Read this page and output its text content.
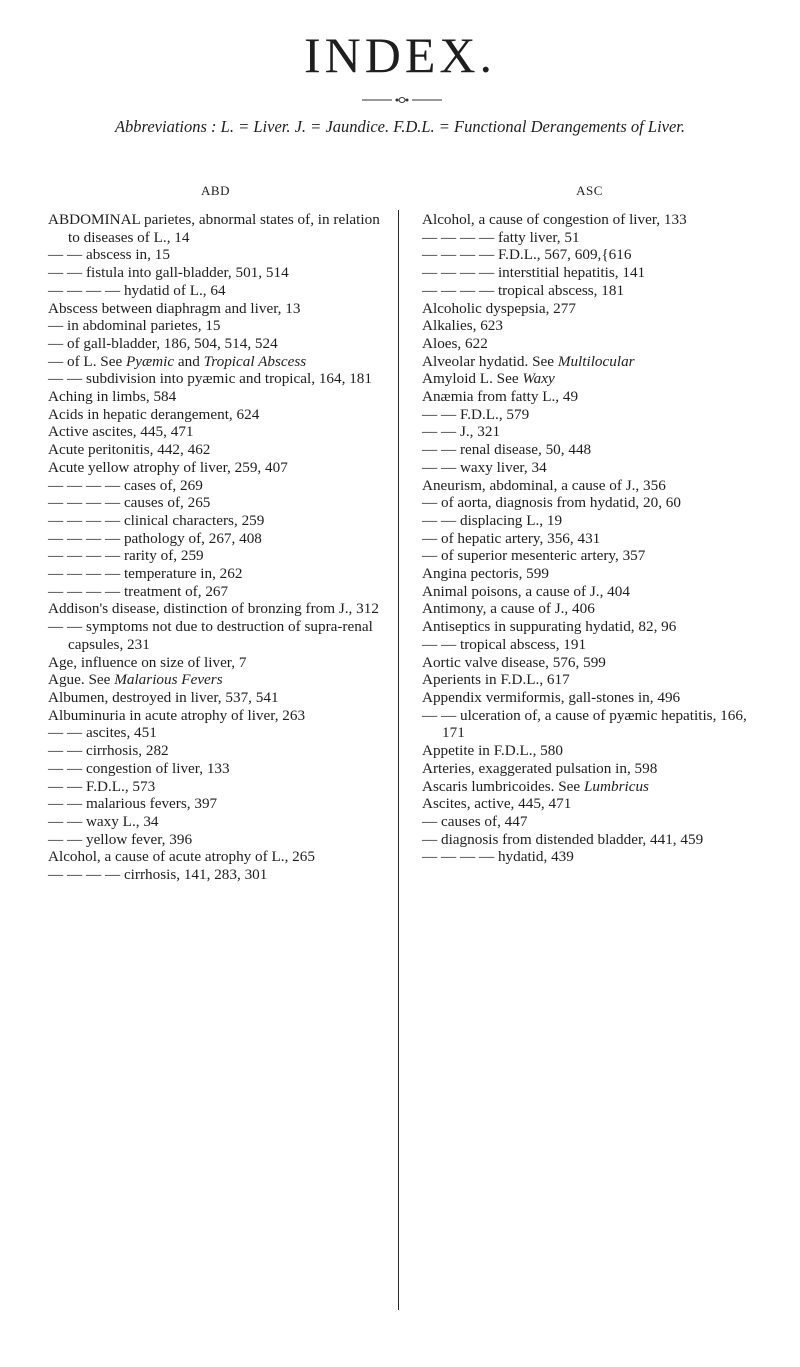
INDEX.
Abbreviations : L. = Liver. J. = Jaundice. F.D.L. = Functional Derangements of Liver.
ABD

ABDOMINAL parietes, abnormal states of, in relation to diseases of L., 14

— — abscess in, 15

— — fistula into gall-bladder, 501, 514

— — — — hydatid of L., 64

Abscess between diaphragm and liver, 13

— in abdominal parietes, 15

— of gall-bladder, 186, 504, 514, 524

— of L. See Pyæmic and Tropical Abscess

— — subdivision into pyæmic and tropical, 164, 181

Aching in limbs, 584

Acids in hepatic derangement, 624

Active ascites, 445, 471

Acute peritonitis, 442, 462

Acute yellow atrophy of liver, 259, 407

— — — — cases of, 269

— — — — causes of, 265

— — — — clinical characters, 259

— — — — pathology of, 267, 408

— — — — rarity of, 259

— — — — temperature in, 262

— — — — treatment of, 267

Addison's disease, distinction of bronzing from J., 312

— — symptoms not due to destruction of supra-renal capsules, 231

Age, influence on size of liver, 7

Ague. See Malarious Fevers

Albumen, destroyed in liver, 537, 541

Albuminuria in acute atrophy of liver, 263

— — ascites, 451

— — cirrhosis, 282

— — congestion of liver, 133

— — F.D.L., 573

— — malarious fevers, 397

— — waxy L., 34

— — yellow fever, 396

Alcohol, a cause of acute atrophy of L., 265

— — — — cirrhosis, 141, 283, 301

ASC

Alcohol, a cause of congestion of liver, 133

— — — — fatty liver, 51

— — — — F.D.L., 567, 609,{616

— — — — interstitial hepatitis, 141

— — — — tropical abscess, 181

Alcoholic dyspepsia, 277

Alkalies, 623

Aloes, 622

Alveolar hydatid. See Multilocular

Amyloid L. See Waxy

Anæmia from fatty L., 49

— — F.D.L., 579

— — J., 321

— — renal disease, 50, 448

— — waxy liver, 34

Aneurism, abdominal, a cause of J., 356

— of aorta, diagnosis from hydatid, 20, 60

— — displacing L., 19

— of hepatic artery, 356, 431

— of superior mesenteric artery, 357

Angina pectoris, 599

Animal poisons, a cause of J., 404

Antimony, a cause of J., 406

Antiseptics in suppurating hydatid, 82, 96

— — tropical abscess, 191

Aortic valve disease, 576, 599

Aperients in F.D.L., 617

Appendix vermiformis, gall-stones in, 496

— — ulceration of, a cause of pyæmic hepatitis, 166, 171

Appetite in F.D.L., 580

Arteries, exaggerated pulsation in, 598

Ascaris lumbricoides. See Lumbricus

Ascites, active, 445, 471

— causes of, 447

— diagnosis from distended bladder, 441, 459

— — — — hydatid, 439
